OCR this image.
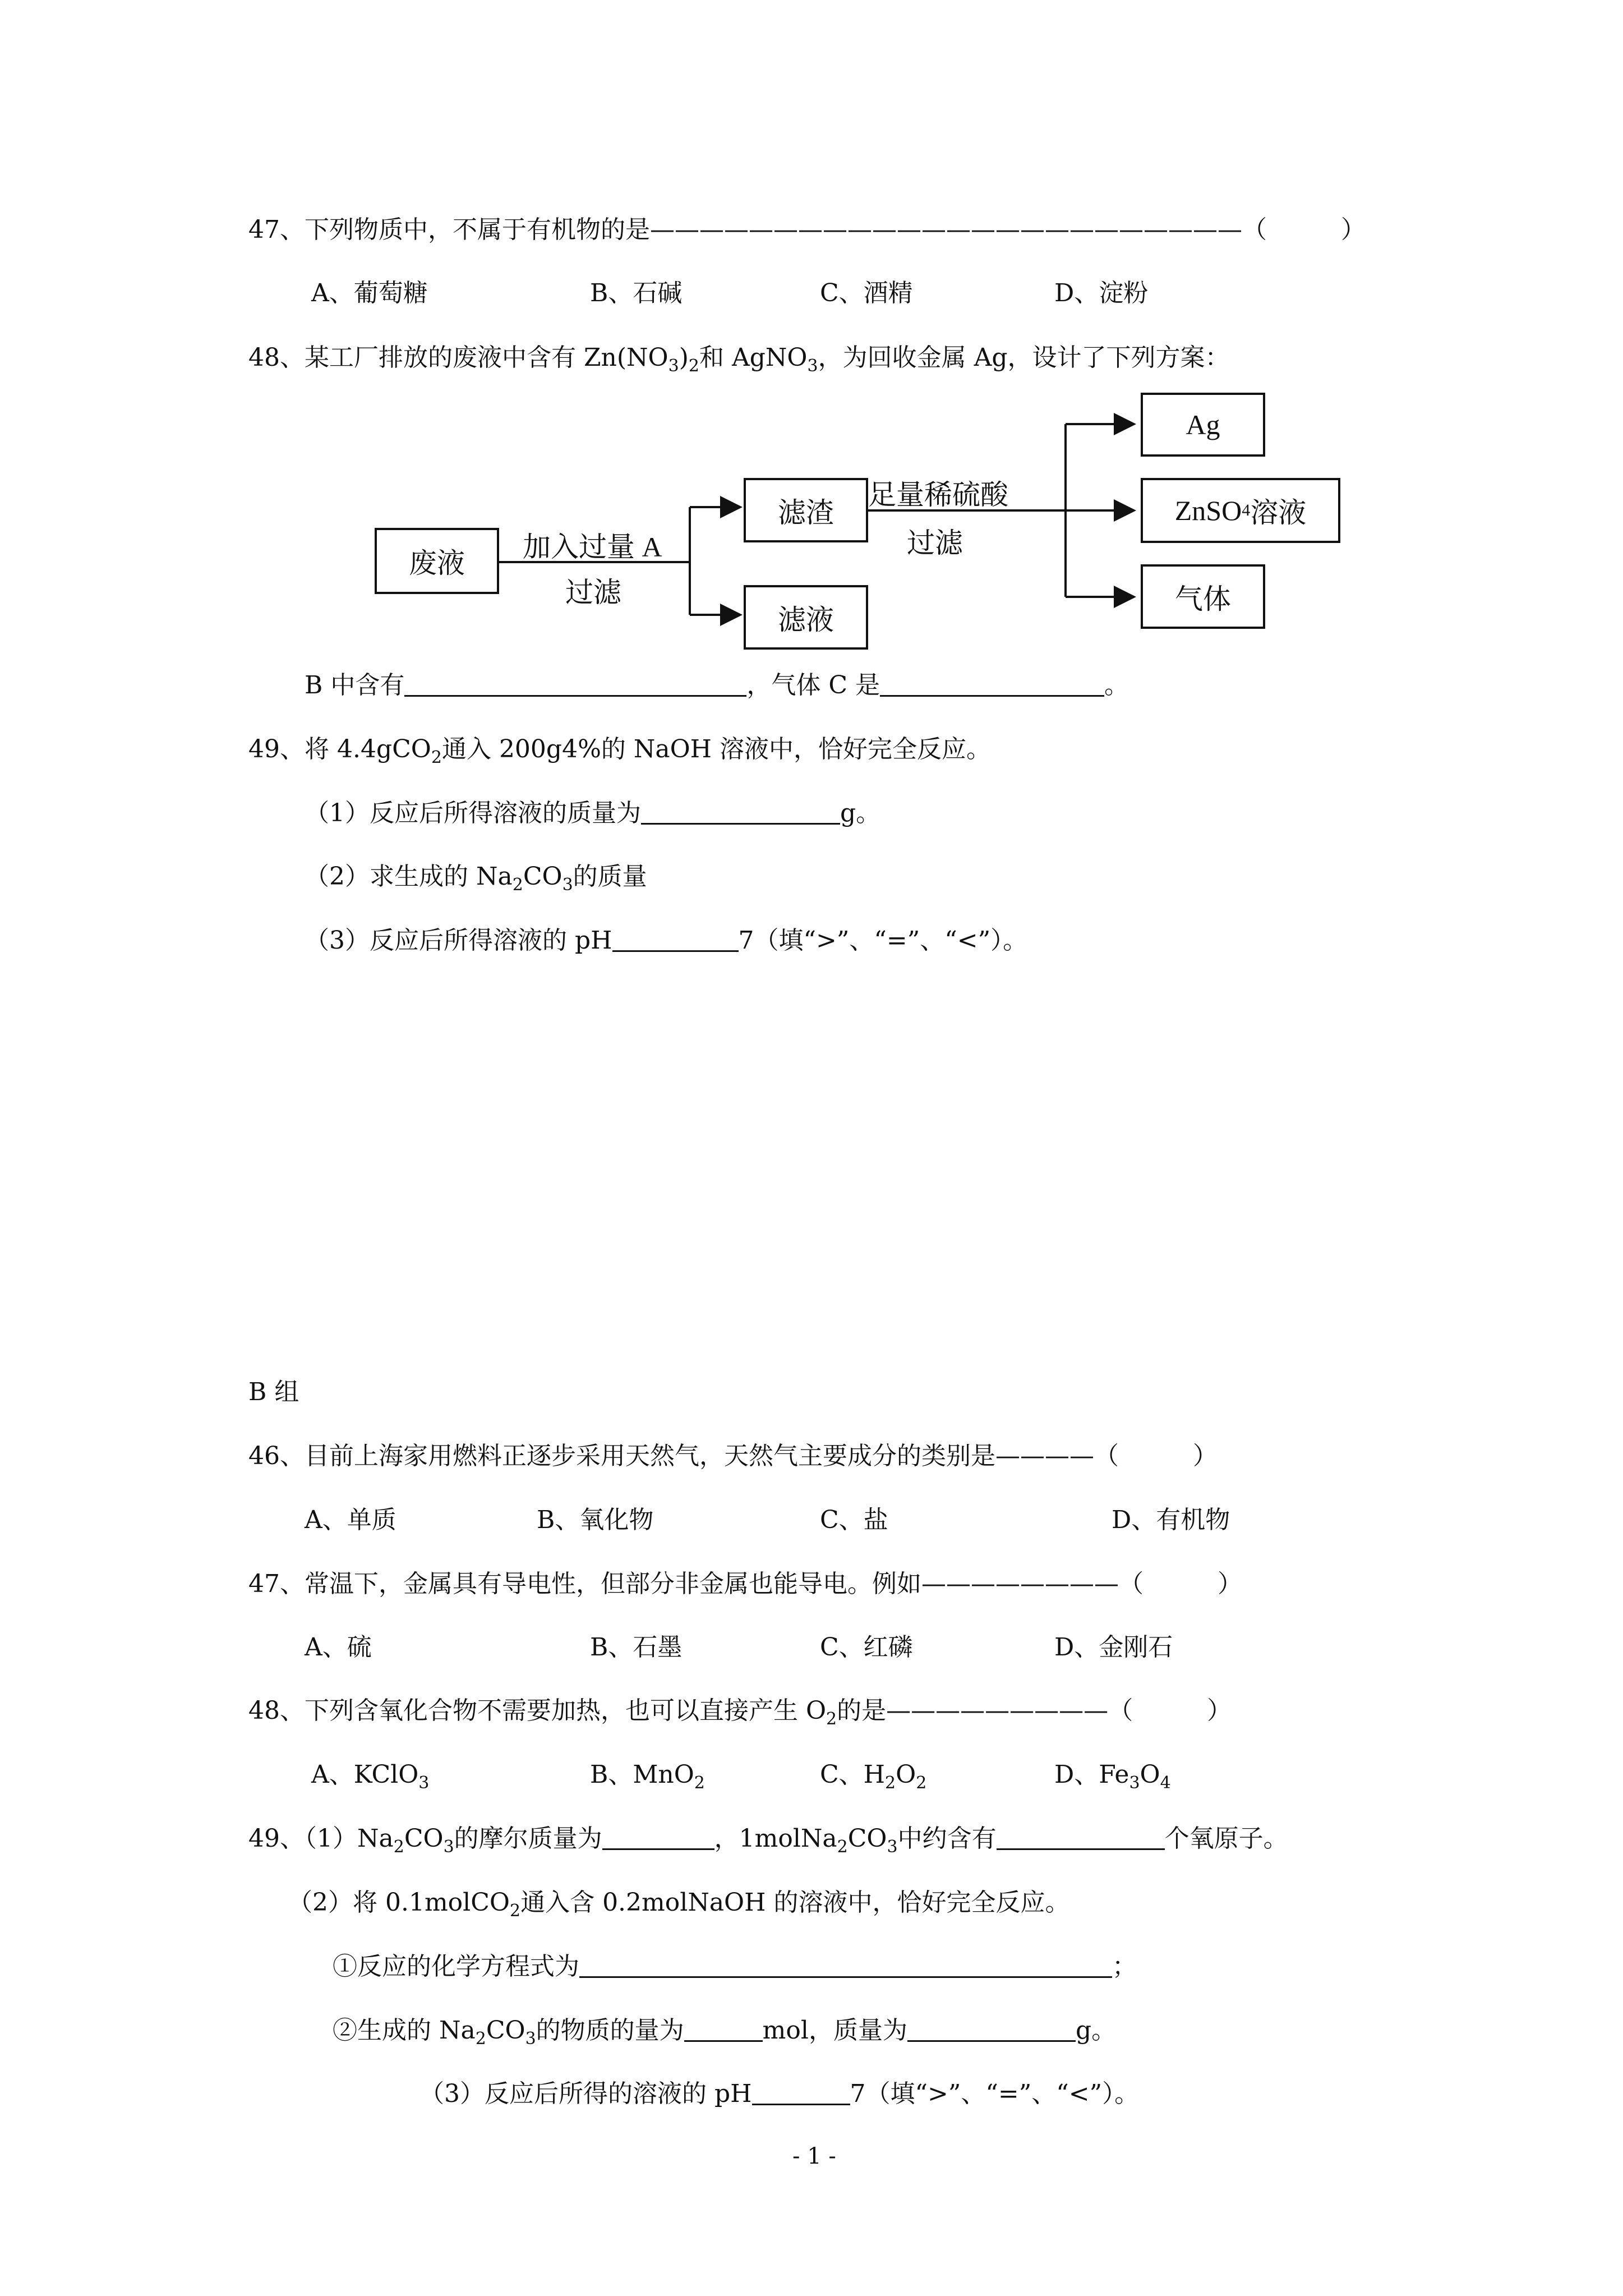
47、下列物质中，不属于有机物的是————————————————————————（　　　）
A、葡萄糖	B、石碱	C、酒精	D、淀粉
48、某工厂排放的废液中含有 $Zn(NO_3)_2$和 AgNO$_3$，为回收金属 Ag，设计了下列方案：
废液
加入过量 A
过滤
滤渣
滤液
足量稀硫酸
过滤
Ag
ZnSO 4 溶液
气体
B 中含有	，气体 C 是	。
49、将 4.4gCO$_2$通入 200g4%的 NaOH 溶液中，恰好完全反应。
（1）反应后所得溶液的质量为	g。
（2）求生成的 $Na_2CO_3$的质量
（3）反应后所得溶液的 pH	7（填“>”、“=”、“<”）。
B 组
46、目前上海家用燃料正逐步采用天然气，天然气主要成分的类别是————（　　　）
A、单质	B、氧化物	C、盐	D、有机物
47、常温下，金属具有导电性，但部分非金属也能导电。例如————————（　　　）
A、硫	B、石墨	C、红磷	D、金刚石
48、下列含氧化合物不需要加热，也可以直接产生 $O_2$的是—————————（　　　）
A、KClO$_3$	B、MnO$_2$	C、$H_2O_2$	D、$Fe_3O_4$
49、$(1)Na_2CO_3$的摩尔质量为	，$1molNa_2CO_3$中约含有	个氧原子。
（2）将 0.1molCO$_2$通入含 0.2molNaOH 的溶液中，恰好完全反应。
①反应的化学方程式为	；
②生成的 $Na_2CO_3$的物质的量为	mol，质量为	g。
（3）反应后所得的溶液的 pH	7（填“>”、“=”、“<”）。
- 1 -
